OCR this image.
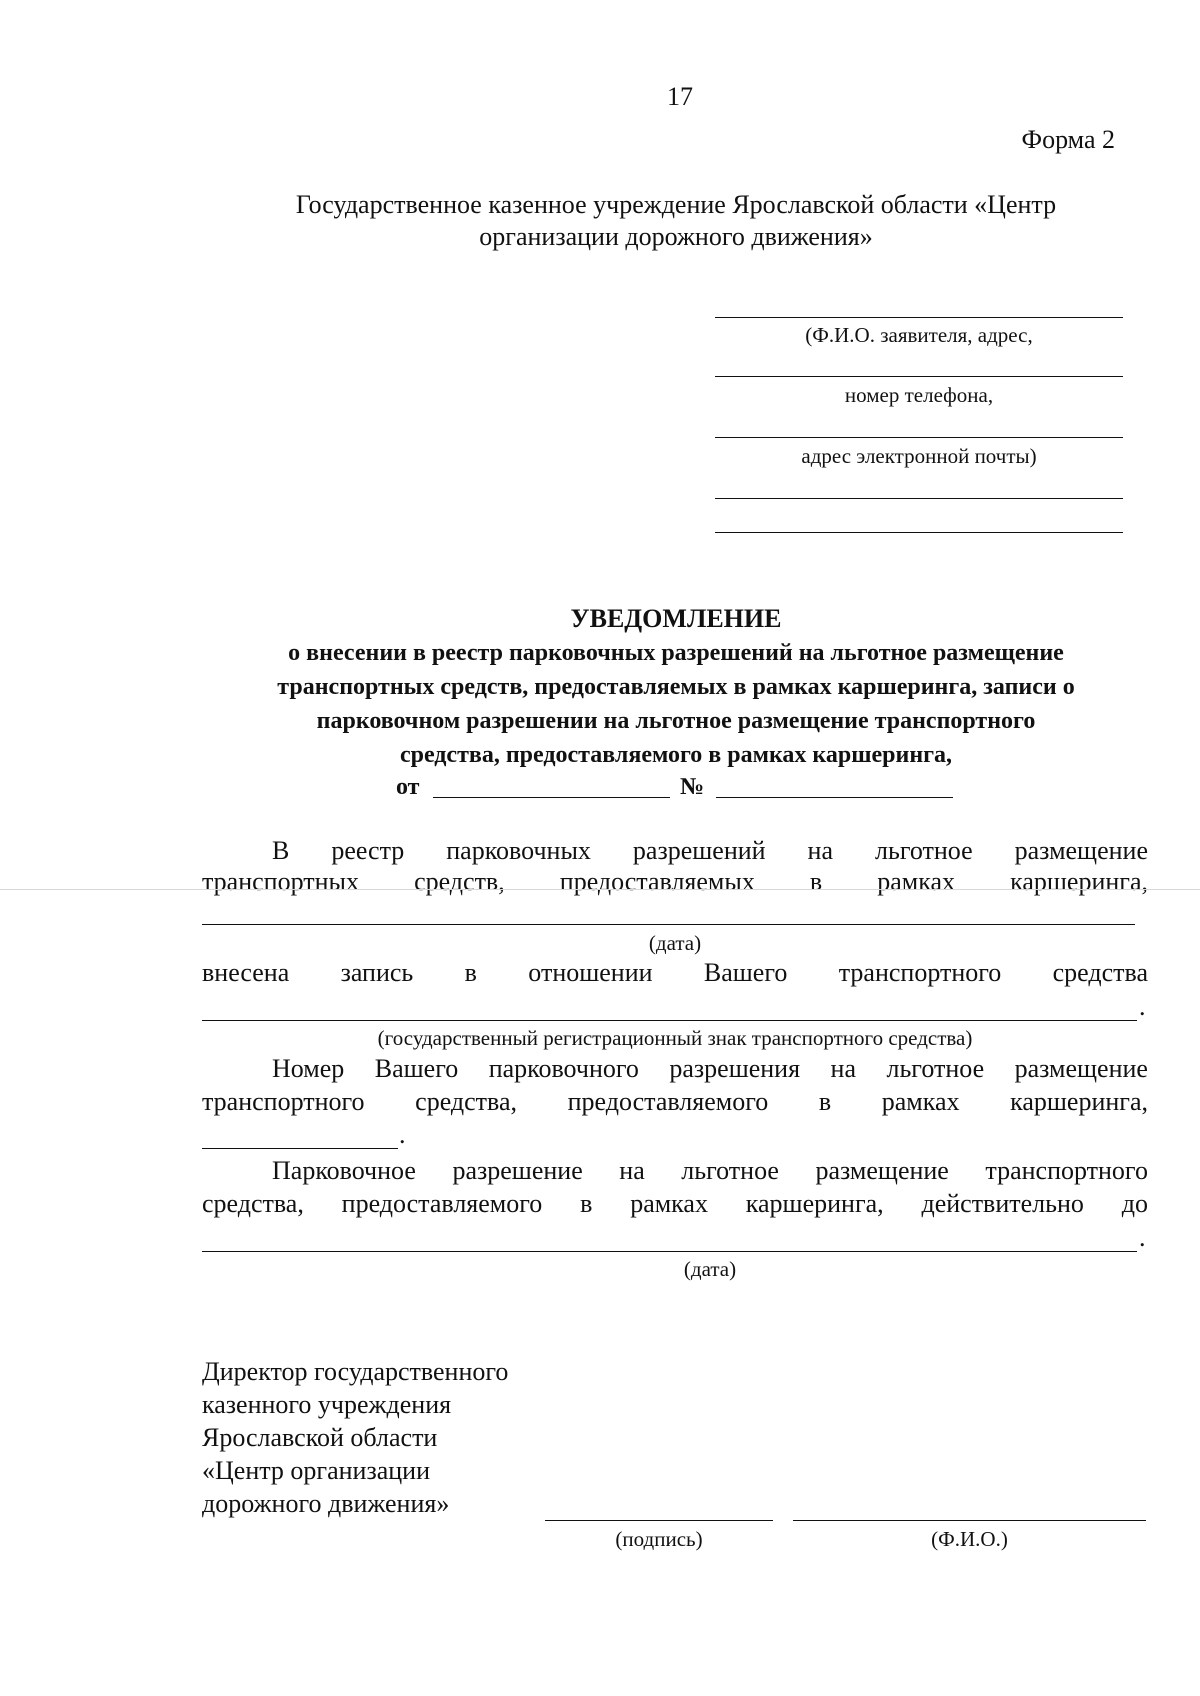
17
Форма 2
Государственное казенное учреждение Ярославской области «Центр
организации дорожного движения»
(Ф.И.О. заявителя, адрес,
номер телефона,
адрес электронной почты)
УВЕДОМЛЕНИЕ
о внесении в реестр парковочных разрешений на льготное размещение
транспортных средств, предоставляемых в рамках каршеринга, записи о
парковочном разрешении на льготное размещение транспортного
средства, предоставляемого в рамках каршеринга,
от	№
В реестр парковочных разрешений на льготное размещение
транспортных средств, предоставляемых в рамках каршеринга,
(дата)
внесена запись в отношении Вашего транспортного средства
.
(государственный регистрационный знак транспортного средства)
Номер Вашего парковочного разрешения на льготное размещение
транспортного средства, предоставляемого в рамках каршеринга,
.
Парковочное разрешение на льготное размещение транспортного
средства, предоставляемого в рамках каршеринга, действительно до
.
(дата)
Директор государственного
казенного учреждения
Ярославской области
«Центр организации
дорожного движения»
(подпись)	(Ф.И.О.)
